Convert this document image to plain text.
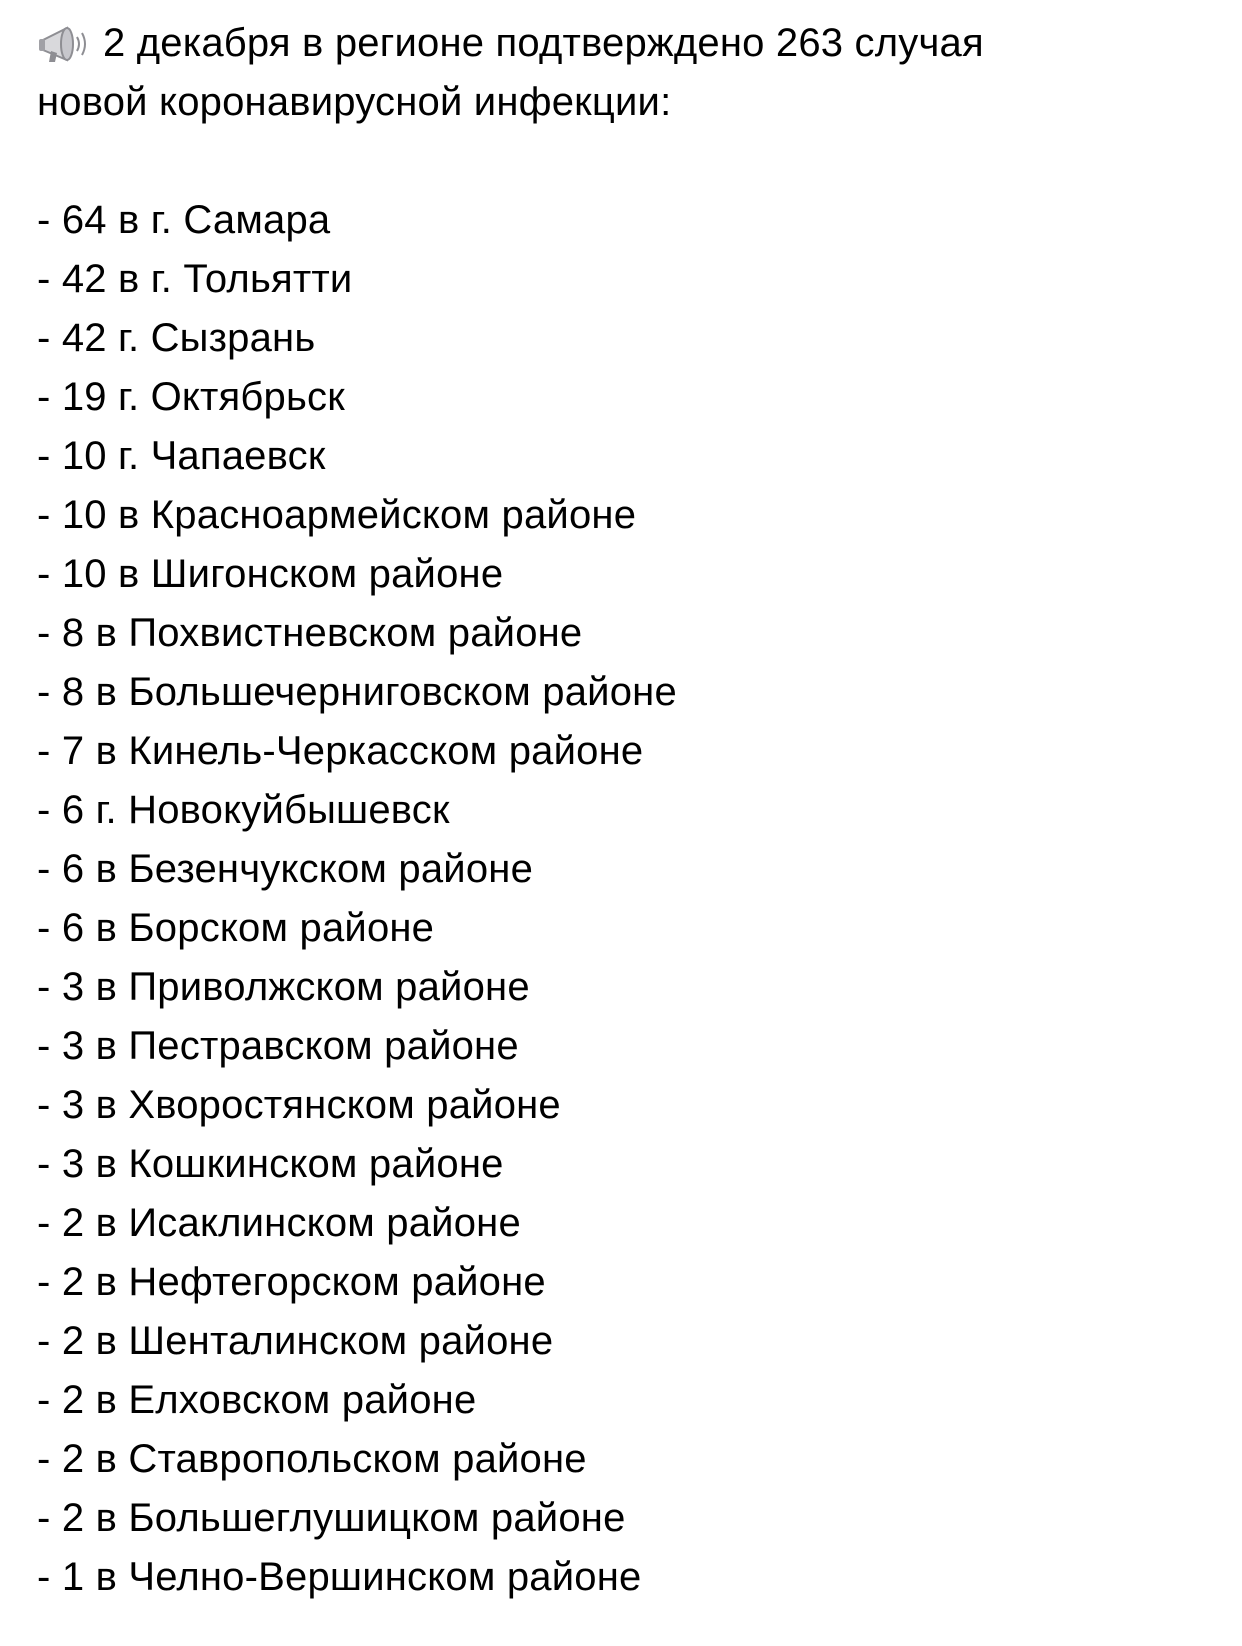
2 декабря в регионе подтверждено 263 случая
новой коронавирусной инфекции:
- 64 в г. Самара
- 42 в г. Тольятти
- 42 г. Сызрань
- 19 г. Октябрьск
- 10 г. Чапаевск
- 10 в Красноармейском районе
- 10 в Шигонском районе
- 8 в Похвистневском районе
- 8 в Большечерниговском районе
- 7 в Кинель-Черкасском районе
- 6 г. Новокуйбышевск
- 6 в Безенчукском районе
- 6 в Борском районе
- 3 в Приволжском районе
- 3 в Пестравском районе
- 3 в Хворостянском районе
- 3 в Кошкинском районе
- 2 в Исаклинском районе
- 2 в Нефтегорском районе
- 2 в Шенталинском районе
- 2 в Елховском районе
- 2 в Ставропольском районе
- 2 в Большеглушицком районе
- 1 в Челно-Вершинском районе
